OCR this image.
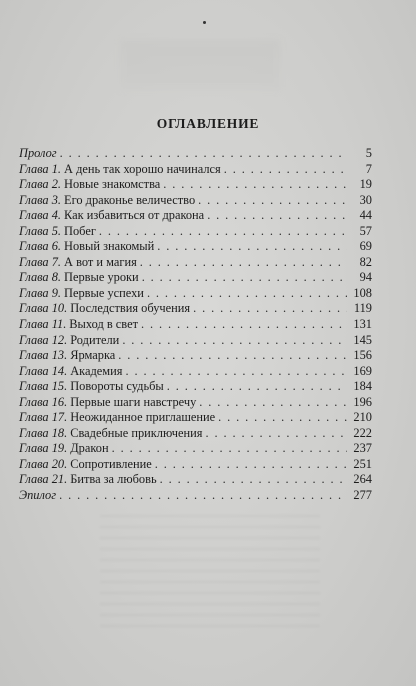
ОГЛАВЛЕНИЕ
Пролог . . .	5
Глава 1. А день так хорошо начинался . . .	7
Глава 2. Новые знакомства . . .	19
Глава 3. Его драконье величество . . .	30
Глава 4. Как избавиться от дракона . . .	44
Глава 5. Побег . . .	57
Глава 6. Новый знакомый . . .	69
Глава 7. А вот и магия . . .	82
Глава 8. Первые уроки . . .	94
Глава 9. Первые успехи . . .	108
Глава 10. Последствия обучения . . .	119
Глава 11. Выход в свет . . .	131
Глава 12. Родители . . .	145
Глава 13. Ярмарка . . .	156
Глава 14. Академия . . .	169
Глава 15. Повороты судьбы . . .	184
Глава 16. Первые шаги навстречу . . .	196
Глава 17. Неожиданное приглашение . . .	210
Глава 18. Свадебные приключения . . .	222
Глава 19. Дракон . . .	237
Глава 20. Сопротивление . . .	251
Глава 21. Битва за любовь . . .	264
Эпилог . . .	277
